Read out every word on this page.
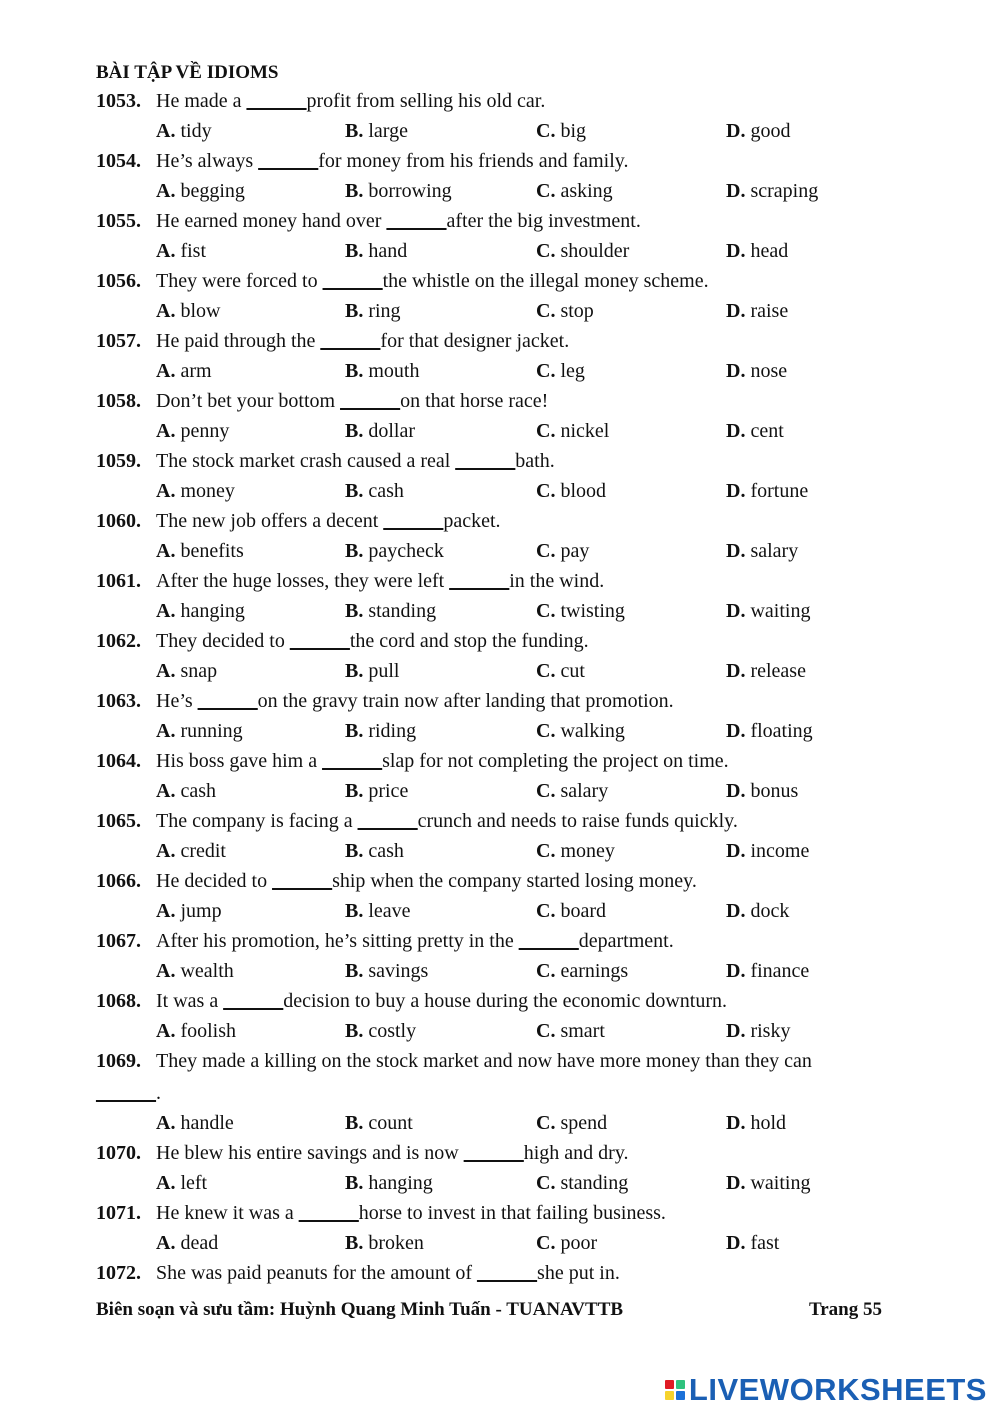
BÀI TẬP VỀ IDIOMS
1053. He made a ______profit from selling his old car.
A. tidy	B. large	C. big	D. good
1054. He’s always ______for money from his friends and family.
A. begging	B. borrowing	C. asking	D. scraping
1055. He earned money hand over ______after the big investment.
A. fist	B. hand	C. shoulder	D. head
1056. They were forced to ______the whistle on the illegal money scheme.
A. blow	B. ring	C. stop	D. raise
1057. He paid through the ______for that designer jacket.
A. arm	B. mouth	C. leg	D. nose
1058. Don’t bet your bottom ______on that horse race!
A. penny	B. dollar	C. nickel	D. cent
1059. The stock market crash caused a real ______bath.
A. money	B. cash	C. blood	D. fortune
1060. The new job offers a decent ______packet.
A. benefits	B. paycheck	C. pay	D. salary
1061. After the huge losses, they were left ______in the wind.
A. hanging	B. standing	C. twisting	D. waiting
1062. They decided to ______the cord and stop the funding.
A. snap	B. pull	C. cut	D. release
1063. He’s ______on the gravy train now after landing that promotion.
A. running	B. riding	C. walking	D. floating
1064. His boss gave him a ______slap for not completing the project on time.
A. cash	B. price	C. salary	D. bonus
1065. The company is facing a ______crunch and needs to raise funds quickly.
A. credit	B. cash	C. money	D. income
1066. He decided to ______ship when the company started losing money.
A. jump	B. leave	C. board	D. dock
1067. After his promotion, he’s sitting pretty in the ______department.
A. wealth	B. savings	C. earnings	D. finance
1068. It was a ______decision to buy a house during the economic downturn.
A. foolish	B. costly	C. smart	D. risky
1069. They made a killing on the stock market and now have more money than they can
______.
A. handle	B. count	C. spend	D. hold
1070. He blew his entire savings and is now ______high and dry.
A. left	B. hanging	C. standing	D. waiting
1071. He knew it was a ______horse to invest in that failing business.
A. dead	B. broken	C. poor	D. fast
1072. She was paid peanuts for the amount of ______she put in.
Biên soạn và sưu tầm: Huỳnh Quang Minh Tuấn - TUANAVTTB	Trang 55
LIVEWORKSHEETS
